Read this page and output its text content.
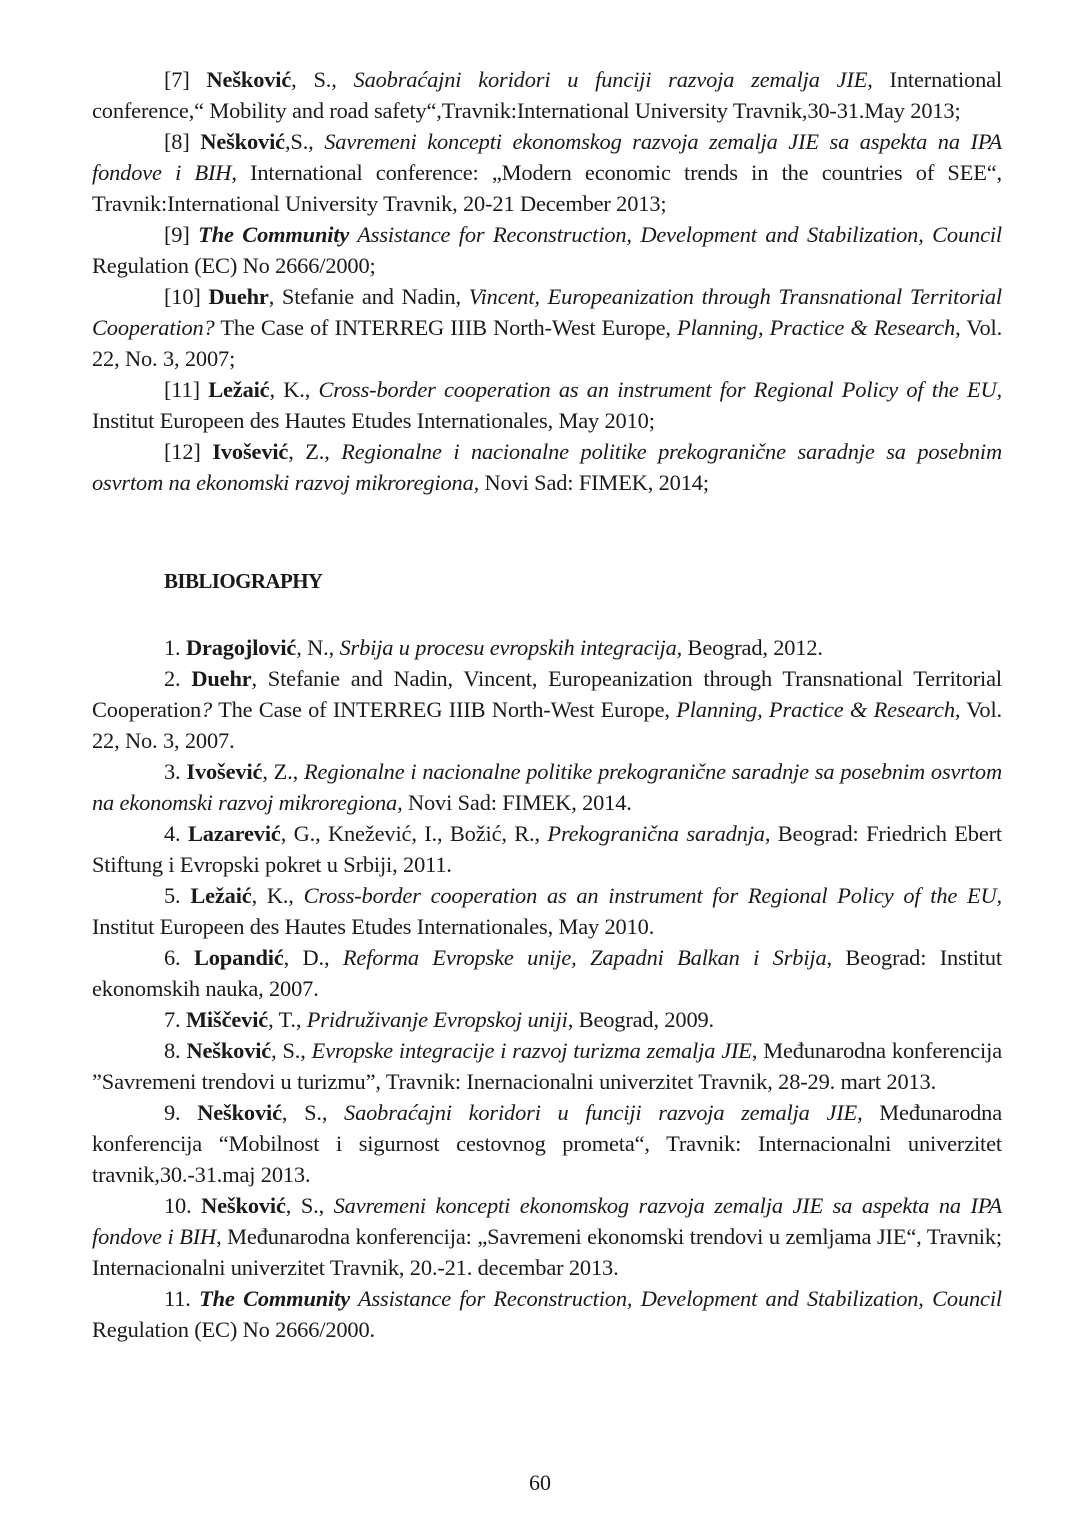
[7] Nešković, S., Saobraćajni koridori u funciji razvoja zemalja JIE, International conference,“ Mobility and road safety“,Travnik:International University Travnik,30-31.May 2013;

[8] Nešković,S., Savremeni koncepti ekonomskog razvoja zemalja JIE sa aspekta na IPA fondove i BIH, International conference: „Modern economic trends in the countries of SEE“, Travnik:International University Travnik, 20-21 December 2013;

[9] The Community Assistance for Reconstruction, Development and Stabilization, Council Regulation (EC) No 2666/2000;

[10] Duehr, Stefanie and Nadin, Vincent, Europeanization through Transnational Territorial Cooperation? The Case of INTERREG IIIB North-West Europe, Planning, Practice & Research, Vol. 22, No. 3, 2007;

[11] Ležaić, K., Cross-border cooperation as an instrument for Regional Policy of the EU, Institut Europeen des Hautes Etudes Internationales, May 2010;

[12] Ivošević, Z., Regionalne i nacionalne politike prekogranične saradnje sa posebnim osvrtom na ekonomski razvoj mikroregiona, Novi Sad: FIMEK, 2014;

BIBLIOGRAPHY

1. Dragojlović, N., Srbija u procesu evropskih integracija, Beograd, 2012.

2. Duehr, Stefanie and Nadin, Vincent, Europeanization through Transnational Territorial Cooperation? The Case of INTERREG IIIB North-West Europe, Planning, Practice & Research, Vol. 22, No. 3, 2007.

3. Ivošević, Z., Regionalne i nacionalne politike prekogranične saradnje sa posebnim osvrtom na ekonomski razvoj mikroregiona, Novi Sad: FIMEK, 2014.

4. Lazarević, G., Knežević, I., Božić, R., Prekogranična saradnja, Beograd: Friedrich Ebert Stiftung i Evropski pokret u Srbiji, 2011.

5. Ležaić, K., Cross-border cooperation as an instrument for Regional Policy of the EU, Institut Europeen des Hautes Etudes Internationales, May 2010.

6. Lopandić, D., Reforma Evropske unije, Zapadni Balkan i Srbija, Beograd: Institut ekonomskih nauka, 2007.

7. Miščević, T., Pridruživanje Evropskoj uniji, Beograd, 2009.

8. Nešković, S., Evropske integracije i razvoj turizma zemalja JIE, Međunarodna konferencija ”Savremeni trendovi u turizmu”, Travnik: Inernacionalni univerzitet Travnik, 28-29. mart 2013.

9. Nešković, S., Saobraćajni koridori u funciji razvoja zemalja JIE, Međunarodna konferencija “Mobilnost i sigurnost cestovnog prometa“, Travnik: Internacionalni univerzitet travnik,30.-31.maj 2013.

10. Nešković, S., Savremeni koncepti ekonomskog razvoja zemalja JIE sa aspekta na IPA fondove i BIH, Međunarodna konferencija: „Savremeni ekonomski trendovi u zemljama JIE“, Travnik; Internacionalni univerzitet Travnik, 20.-21. decembar 2013.

11. The Community Assistance for Reconstruction, Development and Stabilization, Council Regulation (EC) No 2666/2000.

60
